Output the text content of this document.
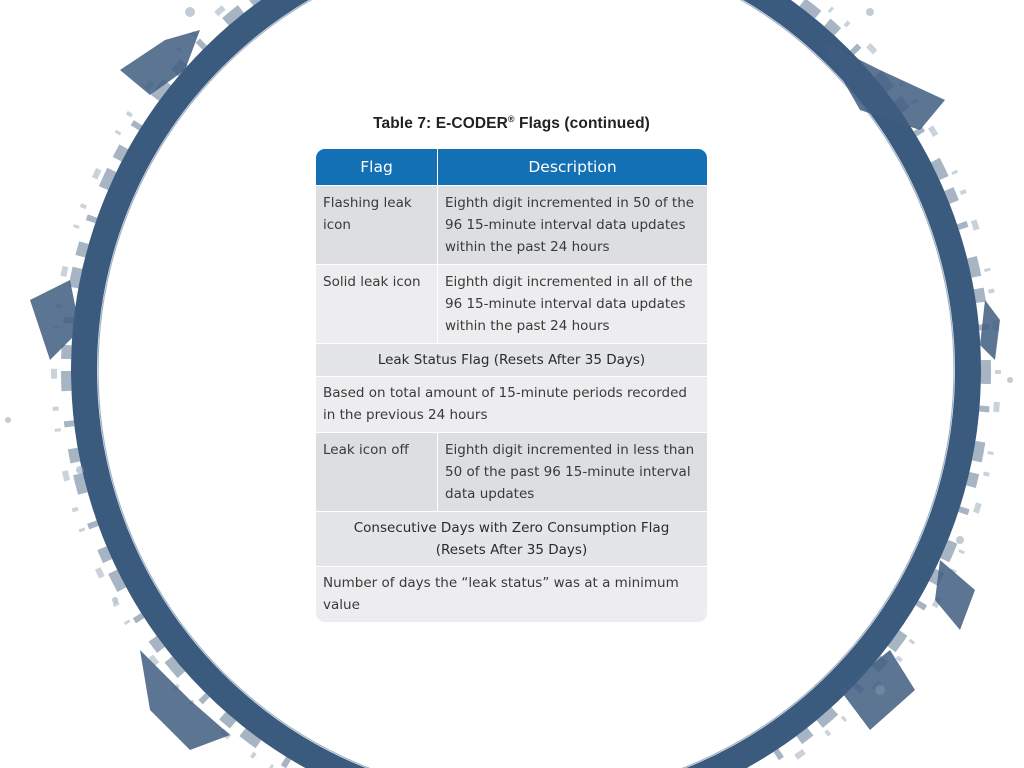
Table 7: E-CODER® Flags (continued)
Flag	Description
Flashing leak icon	Eighth digit incremented in 50 of the 96 15-minute interval data updates within the past 24 hours
Solid leak icon	Eighth digit incremented in all of the 96 15-minute interval data updates within the past 24 hours
Leak Status Flag (Resets After 35 Days)	
Based on total amount of 15-minute periods recorded in the previous 24 hours	
Leak icon off	Eighth digit incremented in less than 50 of the past 96 15-minute interval data updates

Consecutive Days with Zero Consumption Flag
(Resets After 35 Days)	

Number of days the “leak status” was at a minimum value	
